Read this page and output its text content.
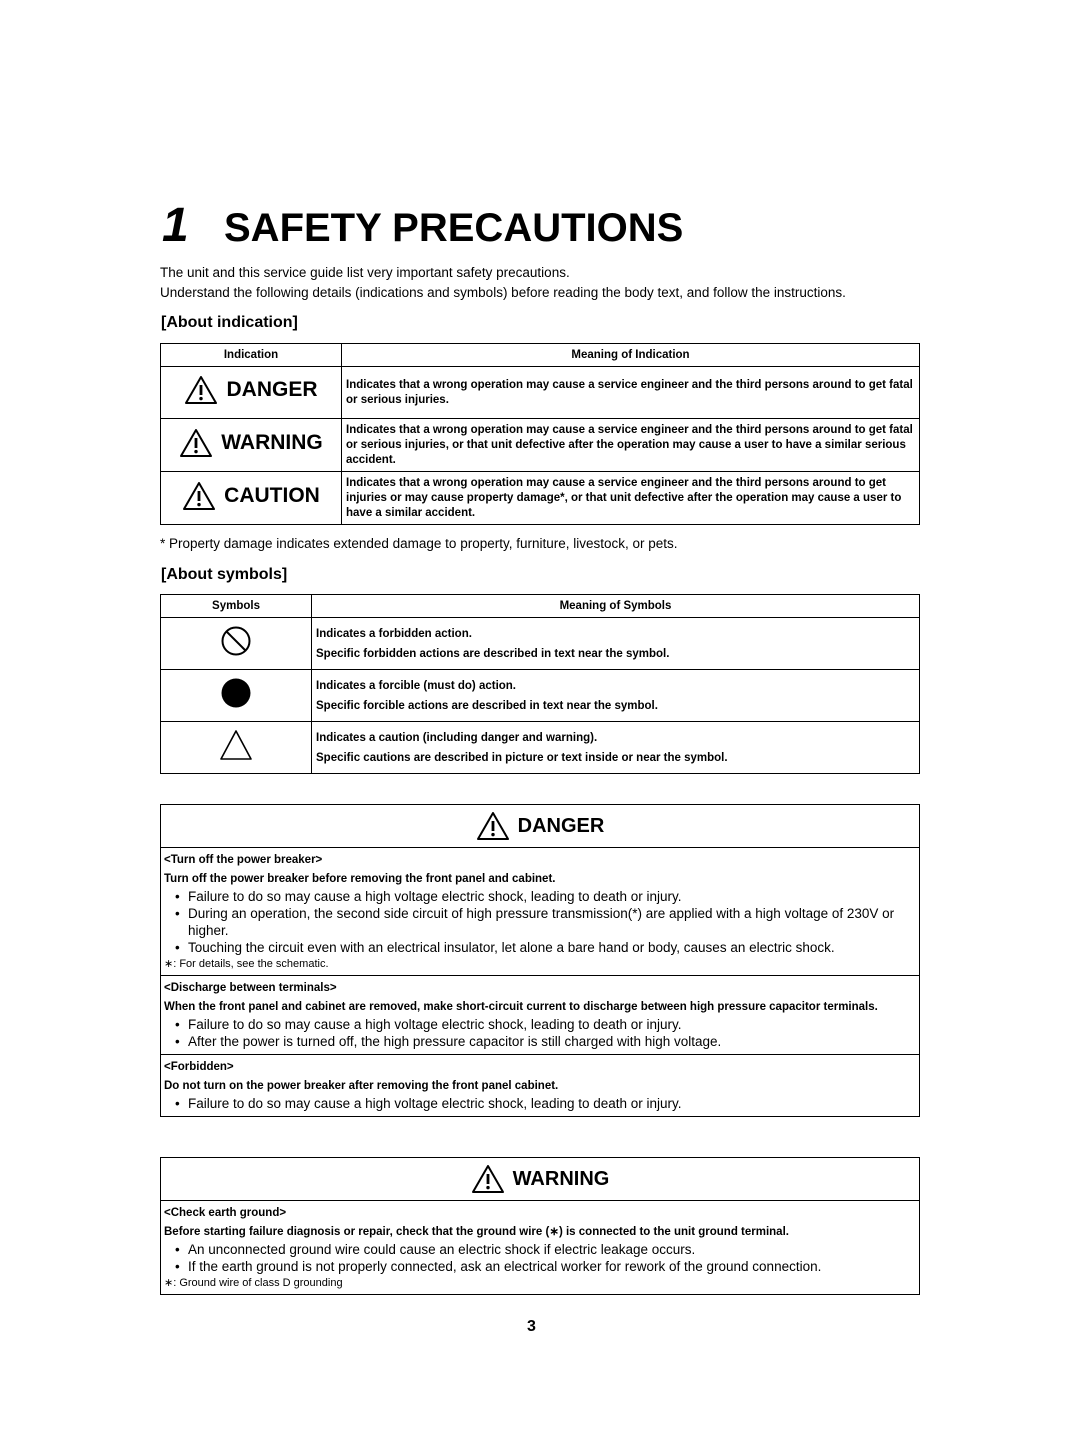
1 SAFETY PRECAUTIONS
The unit and this service guide list very important safety precautions.
Understand the following details (indications and symbols) before reading the body text, and follow the instructions.
[About indication]
Indication	Meaning of Indication

DANGER	Indicates that a wrong operation may cause a service engineer and the third persons around to get fatal or serious injuries.

WARNING	Indicates that a wrong operation may cause a service engineer and the third persons around to get fatal or serious injuries, or that unit defective after the operation may cause a user to have a similar serious accident.

CAUTION	Indicates that a wrong operation may cause a service engineer and the third persons around to get injuries or may cause property damage*, or that unit defective after the operation may cause a user to have a similar accident.
* Property damage indicates extended damage to property, furniture, livestock, or pets.
[About symbols]
Symbols	Meaning of Symbols

Indicates a forbidden action.
Specific forbidden actions are described in text near the symbol.

Indicates a forcible (must do) action.
Specific forcible actions are described in text near the symbol.

Indicates a caution (including danger and warning).
Specific cautions are described in picture or text inside or near the symbol.
DANGER
<Turn off the power breaker>
Turn off the power breaker before removing the front panel and cabinet.
• Failure to do so may cause a high voltage electric shock, leading to death or injury.
• During an operation, the second side circuit of high pressure transmission(*) are applied with a high voltage of 230V or higher.
• Touching the circuit even with an electrical insulator, let alone a bare hand or body, causes an electric shock.
∗: For details, see the schematic.
<Discharge between terminals>
When the front panel and cabinet are removed, make short-circuit current to discharge between high pressure capacitor terminals.
• Failure to do so may cause a high voltage electric shock, leading to death or injury.
• After the power is turned off, the high pressure capacitor is still charged with high voltage.
<Forbidden>
Do not turn on the power breaker after removing the front panel cabinet.
• Failure to do so may cause a high voltage electric shock, leading to death or injury.
WARNING
<Check earth ground>
Before starting failure diagnosis or repair, check that the ground wire (∗) is connected to the unit ground terminal.
• An unconnected ground wire could cause an electric shock if electric leakage occurs.
• If the earth ground is not properly connected, ask an electrical worker for rework of the ground connection.
∗: Ground wire of class D grounding
3
